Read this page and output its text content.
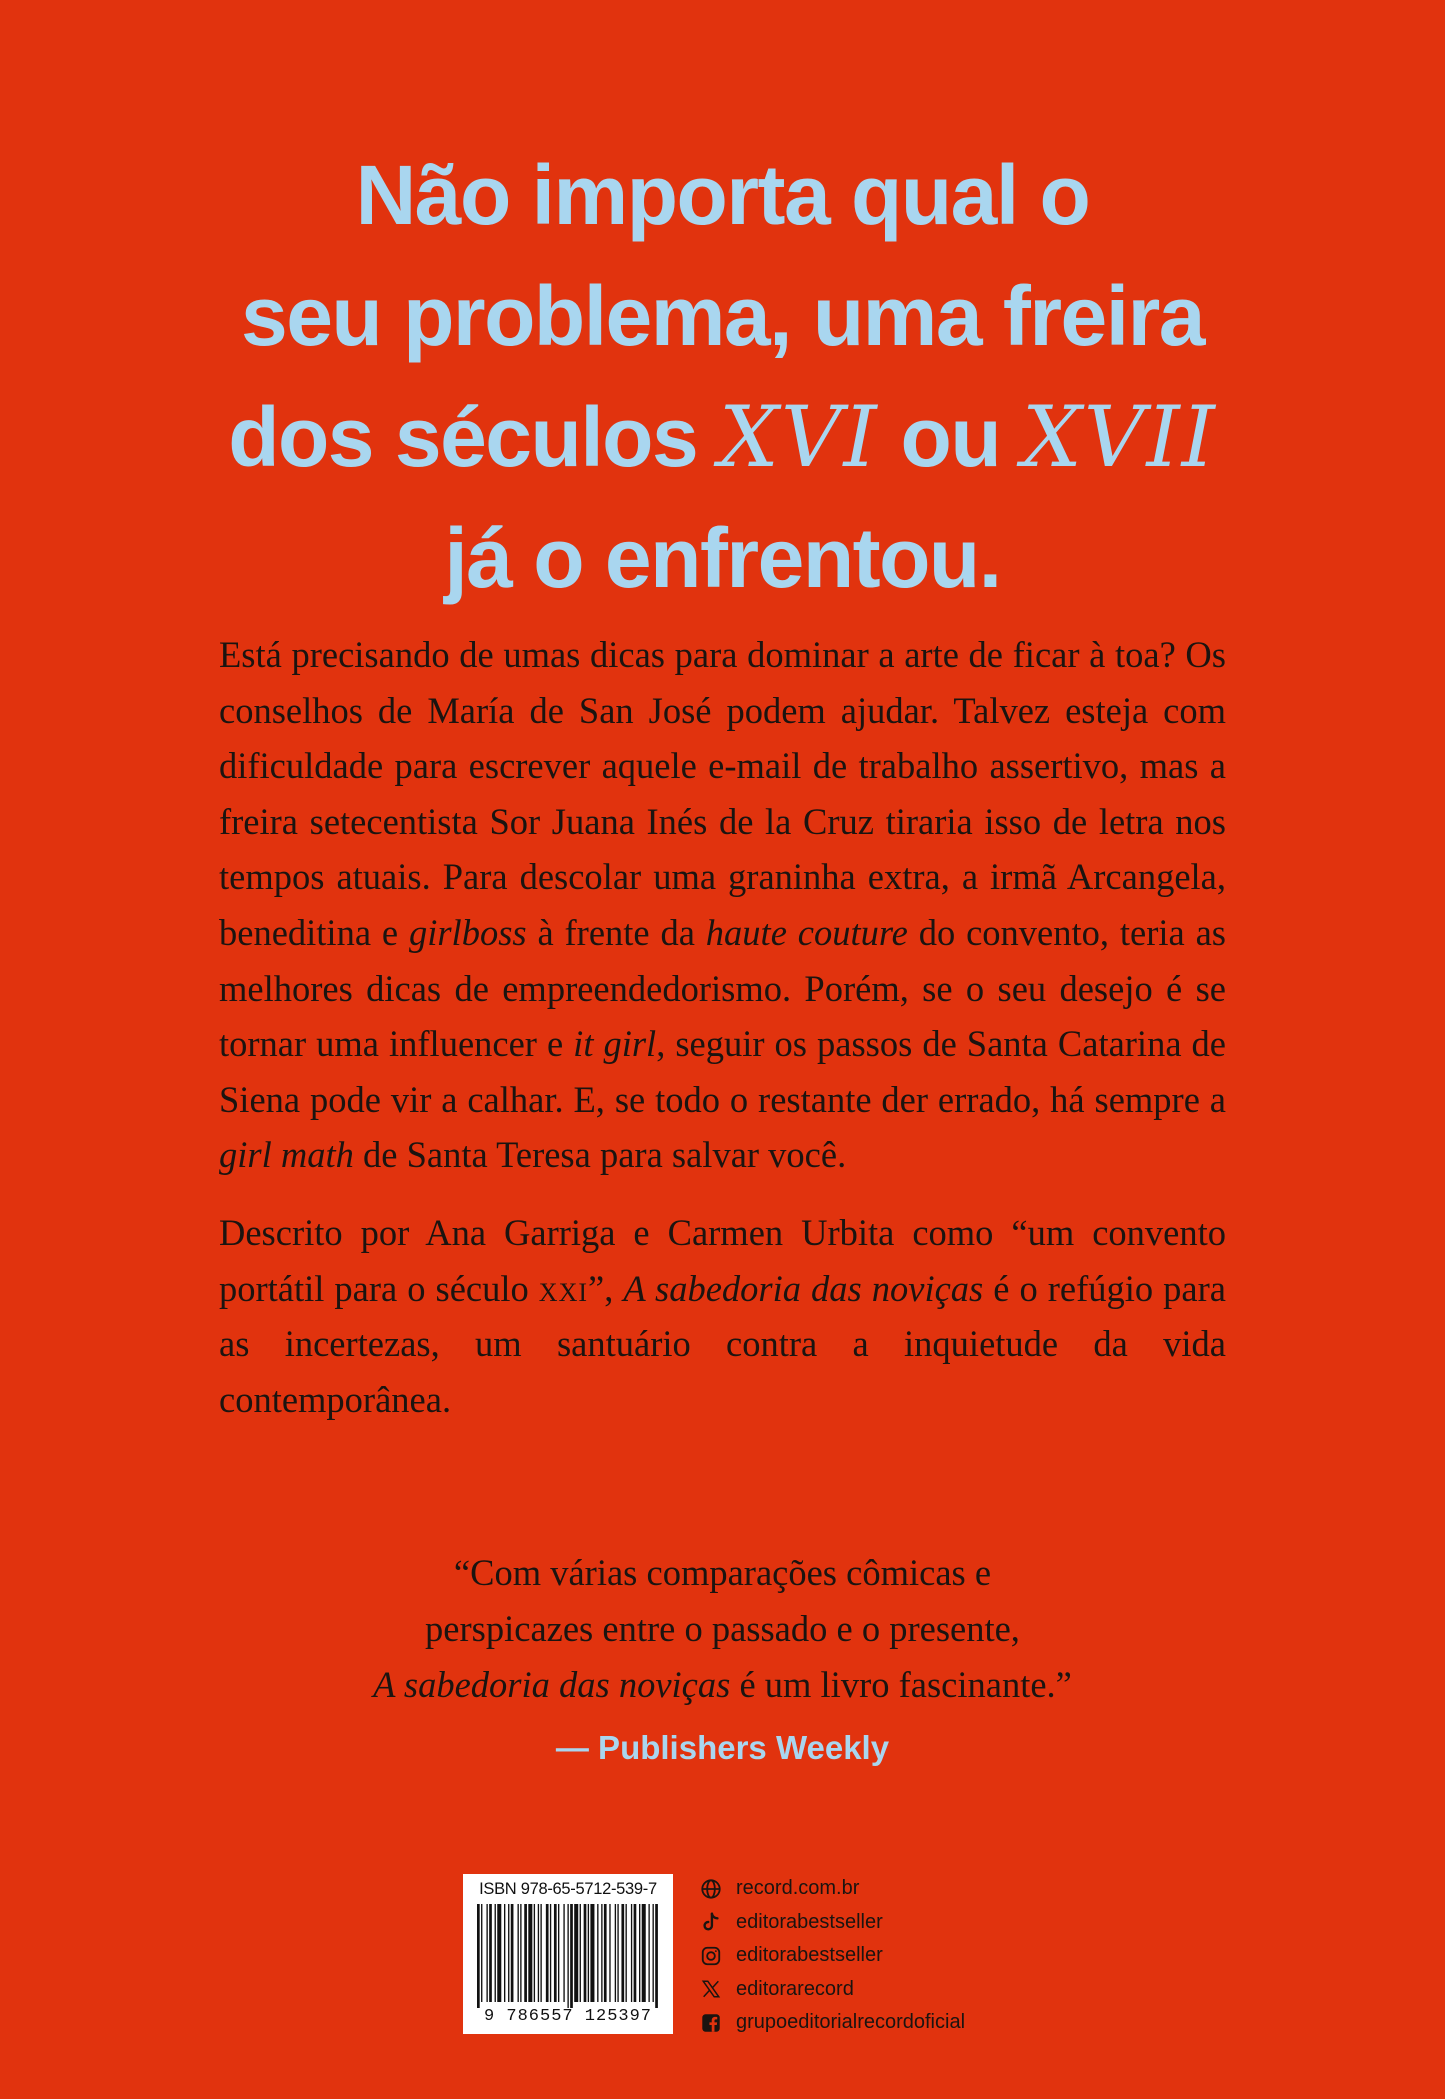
Não importa qual o
seu problema, uma freira
dos séculos XVI ou XVII
já o enfrentou.

Está precisando de umas dicas para dominar a arte de ficar à toa? Os conselhos de María de San José podem ajudar. Talvez esteja com dificuldade para escrever aquele e-mail de trabalho assertivo, mas a freira setecentista Sor Juana Inés de la Cruz tiraria isso de letra nos tempos atuais. Para descolar uma graninha extra, a irmã Arcangela, beneditina e girlboss à frente da haute couture do convento, teria as melhores dicas de empreendedorismo. Porém, se o seu desejo é se tornar uma influencer e it girl, seguir os passos de Santa Catarina de Siena pode vir a calhar. E, se todo o restante der errado, há sempre a girl math de Santa Teresa para salvar você.

Descrito por Ana Garriga e Carmen Urbita como “um convento portátil para o século xxi”, A sabedoria das noviças é o refúgio para as incertezas, um santuário contra a inquietude da vida contemporânea.

“Com várias comparações cômicas e
perspicazes entre o passado e o presente,
A sabedoria das noviças é um livro fascinante.”
— Publishers Weekly
ISBN 978-65-5712-539-7
9 786557 125397
record.com.br
editorabestseller
editorabestseller
editorarecord
grupoeditorialrecordoficial
